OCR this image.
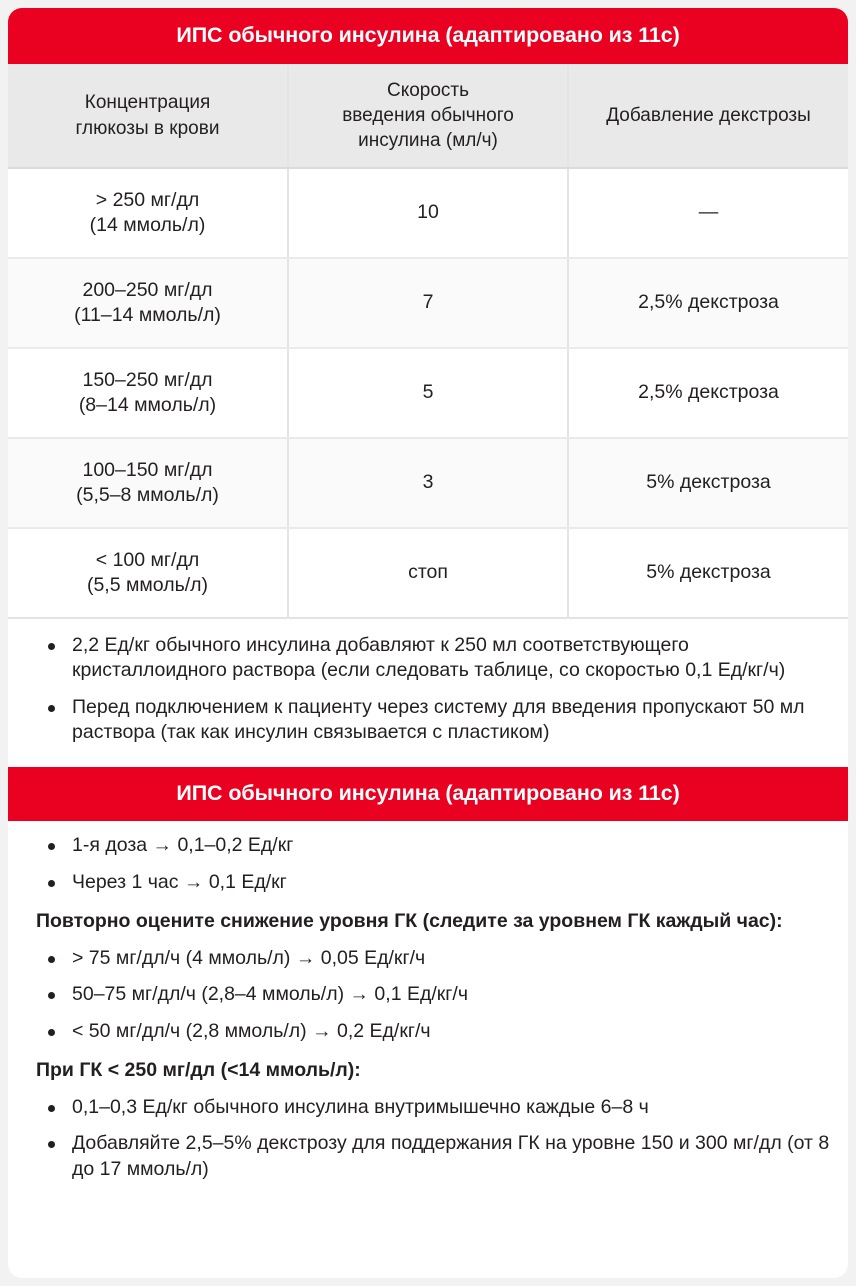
ИПС обычного инсулина (адаптировано из 11c)
Концентрация
глюкозы в крови	Скорость
введения обычного
инсулина (мл/ч)	Добавление декстрозы

> 250 мг/дл
(14 ммоль/л)	10	—

200–250 мг/дл
(11–14 ммоль/л)	7	2,5% декстроза

150–250 мг/дл
(8–14 ммоль/л)	5	2,5% декстроза

100–150 мг/дл
(5,5–8 ммоль/л)	3	5% декстроза

< 100 мг/дл
(5,5 ммоль/л)	стоп	5% декстроза
2,2 Ед/кг обычного инсулина добавляют к 250 мл соответствующего кристаллоидного раствора (если следовать таблице, со скоростью 0,1 Ед/кг/ч)
Перед подключением к пациенту через систему для введения пропускают 50 мл раствора (так как инсулин связывается с пластиком)
ИПС обычного инсулина (адаптировано из 11c)
1-я доза → 0,1–0,2 Ед/кг
Через 1 час → 0,1 Ед/кг
Повторно оцените снижение уровня ГК (следите за уровнем ГК каждый час):
> 75 мг/дл/ч (4 ммоль/л) → 0,05 Ед/кг/ч
50–75 мг/дл/ч (2,8–4 ммоль/л) → 0,1 Ед/кг/ч
< 50 мг/дл/ч (2,8 ммоль/л) → 0,2 Ед/кг/ч
При ГК < 250 мг/дл (<14 ммоль/л):
0,1–0,3 Ед/кг обычного инсулина внутримышечно каждые 6–8 ч
Добавляйте 2,5–5% декстрозу для поддержания ГК на уровне 150 и 300 мг/дл (от 8 до 17 ммоль/л)
